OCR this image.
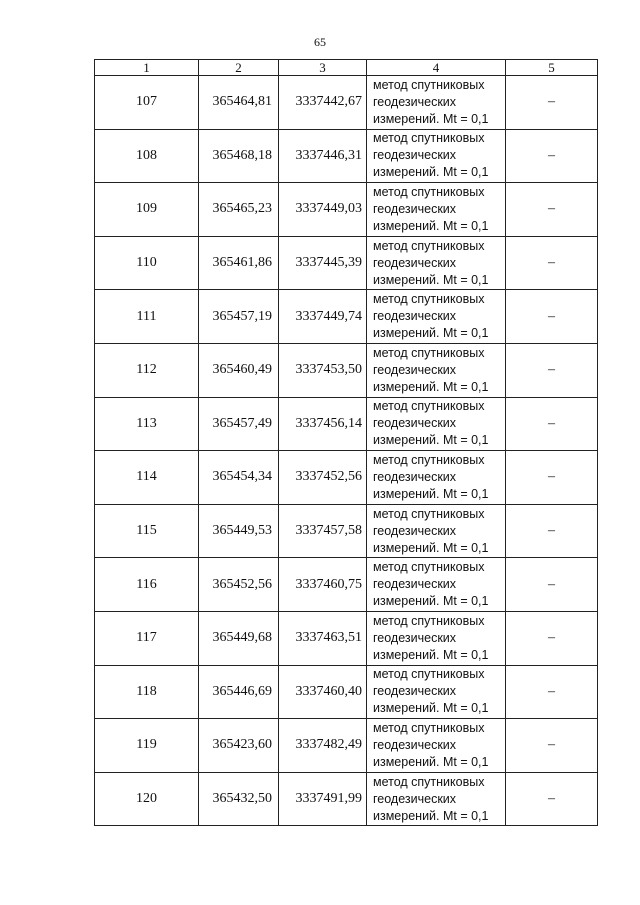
65
1	2	3	4	5
107	365464,81	3337442,67	метод спутниковых
геодезических
измерений. Mt = 0,1	–
108	365468,18	3337446,31	метод спутниковых
геодезических
измерений. Mt = 0,1	–
109	365465,23	3337449,03	метод спутниковых
геодезических
измерений. Mt = 0,1	–
110	365461,86	3337445,39	метод спутниковых
геодезических
измерений. Mt = 0,1	–
111	365457,19	3337449,74	метод спутниковых
геодезических
измерений. Mt = 0,1	–
112	365460,49	3337453,50	метод спутниковых
геодезических
измерений. Mt = 0,1	–
113	365457,49	3337456,14	метод спутниковых
геодезических
измерений. Mt = 0,1	–
114	365454,34	3337452,56	метод спутниковых
геодезических
измерений. Mt = 0,1	–
115	365449,53	3337457,58	метод спутниковых
геодезических
измерений. Mt = 0,1	–
116	365452,56	3337460,75	метод спутниковых
геодезических
измерений. Mt = 0,1	–
117	365449,68	3337463,51	метод спутниковых
геодезических
измерений. Mt = 0,1	–
118	365446,69	3337460,40	метод спутниковых
геодезических
измерений. Mt = 0,1	–
119	365423,60	3337482,49	метод спутниковых
геодезических
измерений. Mt = 0,1	–
120	365432,50	3337491,99	метод спутниковых
геодезических
измерений. Mt = 0,1	–
